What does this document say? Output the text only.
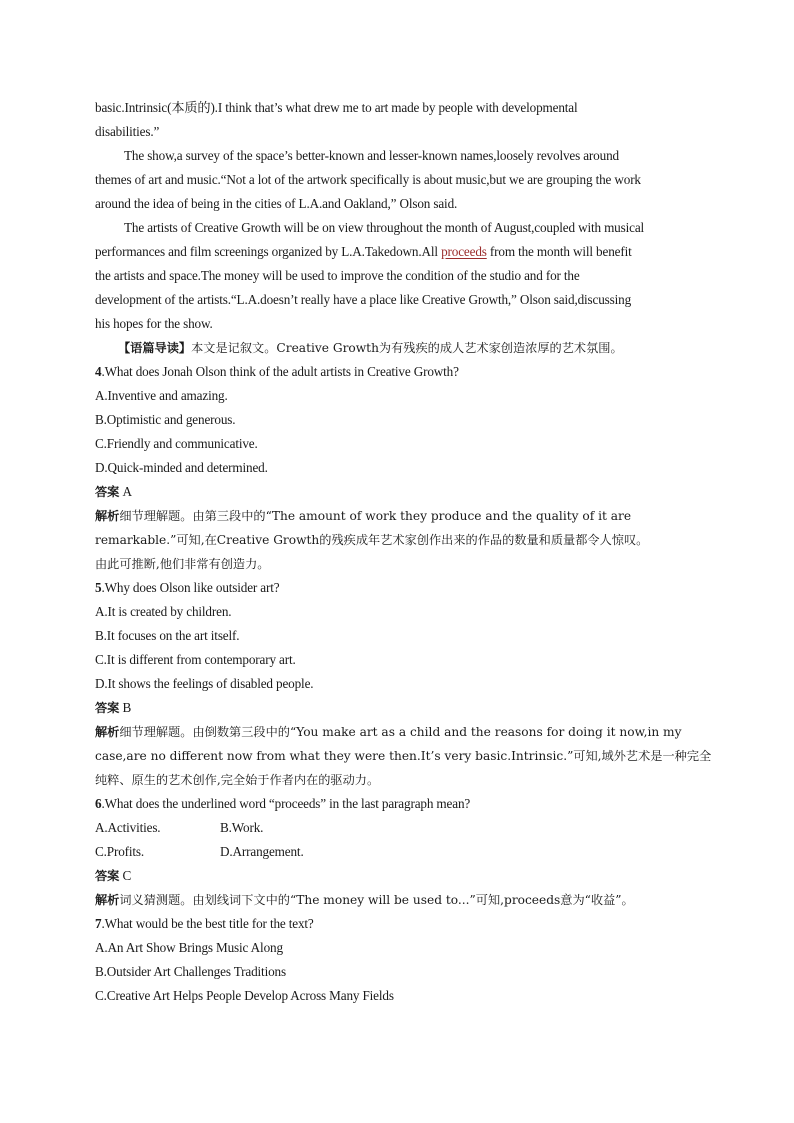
basic.Intrinsic(本质的).I think that’s what drew me to art made by people with developmental
disabilities.”
The show,a survey of the space’s better-known and lesser-known names,loosely revolves around
themes of art and music.“Not a lot of the artwork specifically is about music,but we are grouping the work
around the idea of being in the cities of L.A.and Oakland,” Olson said.
The artists of Creative Growth will be on view throughout the month of August,coupled with musical
performances and film screenings organized by L.A.Takedown.All proceeds from the month will benefit
the artists and space.The money will be used to improve the condition of the studio and for the
development of the artists.“L.A.doesn’t really have a place like Creative Growth,” Olson said,discussing
his hopes for the show.
【语篇导读】本文是记叙文。Creative Growth为有残疾的成人艺术家创造浓厚的艺术氛围。
4.What does Jonah Olson think of the adult artists in Creative Growth?
A.Inventive and amazing.
B.Optimistic and generous.
C.Friendly and communicative.
D.Quick-minded and determined.
答案 A
解析细节理解题。由第三段中的“The amount of work they produce and the quality of it are
remarkable.”可知,在Creative Growth的残疾成年艺术家创作出来的作品的数量和质量都令人惊叹。
由此可推断,他们非常有创造力。
5.Why does Olson like outsider art?
A.It is created by children.
B.It focuses on the art itself.
C.It is different from contemporary art.
D.It shows the feelings of disabled people.
答案 B
解析细节理解题。由倒数第三段中的“You make art as a child and the reasons for doing it now,in my
case,are no different now from what they were then.It’s very basic.Intrinsic.”可知,域外艺术是一种完全
纯粹、原生的艺术创作,完全始于作者内在的驱动力。
6.What does the underlined word “proceeds” in the last paragraph mean?
A.Activities.	B.Work.
C.Profits.	D.Arrangement.
答案 C
解析词义猜测题。由划线词下文中的“The money will be used to...”可知,proceeds意为“收益”。
7.What would be the best title for the text?
A.An Art Show Brings Music Along
B.Outsider Art Challenges Traditions
C.Creative Art Helps People Develop Across Many Fields
